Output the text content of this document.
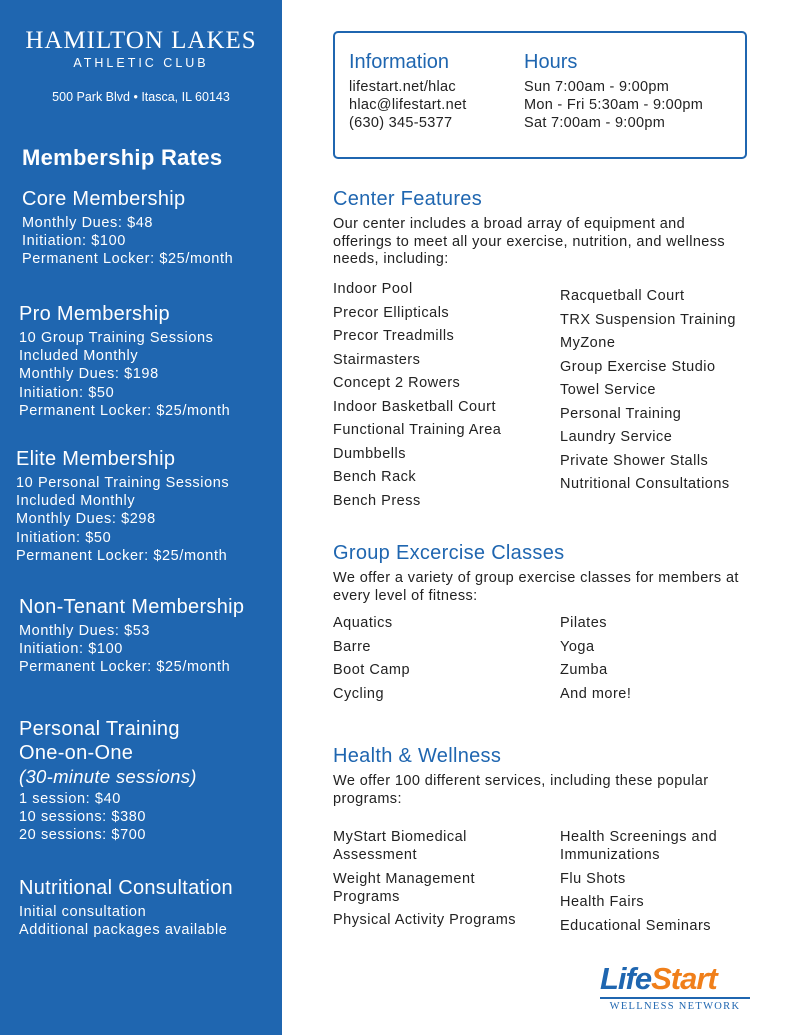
HAMILTON LAKES
ATHLETIC CLUB
500 Park Blvd • Itasca, IL 60143
Membership Rates
Core Membership
Monthly Dues: $48
Initiation: $100
Permanent Locker: $25/month
Pro Membership
10 Group Training Sessions
Included Monthly
Monthly Dues: $198
Initiation: $50
Permanent Locker: $25/month
Elite Membership
10 Personal Training Sessions
Included Monthly
Monthly Dues: $298
Initiation: $50
Permanent Locker: $25/month
Non-Tenant Membership
Monthly Dues: $53
Initiation: $100
Permanent Locker: $25/month
Personal Training
One-on-One
(30-minute sessions)
1 session: $40
10 sessions: $380
20 sessions: $700
Nutritional Consultation
Initial consultation
Additional packages available
Information
lifestart.net/hlac
hlac@lifestart.net
(630) 345-5377
Hours
Sun 7:00am - 9:00pm
Mon - Fri 5:30am - 9:00pm
Sat 7:00am - 9:00pm
Center Features
Our center includes a broad array of equipment and offerings to meet all your exercise, nutrition, and wellness needs, including:
Indoor Pool
Precor Ellipticals
Precor Treadmills
Stairmasters
Concept 2 Rowers
Indoor Basketball Court
Functional Training Area
Dumbbells
Bench Rack
Bench Press
Racquetball Court
TRX Suspension Training
MyZone
Group Exercise Studio
Towel Service
Personal Training
Laundry Service
Private Shower Stalls
Nutritional Consultations
Group Excercise Classes
We offer a variety of group exercise classes for members at every level of fitness:
Aquatics
Barre
Boot Camp
Cycling
Pilates
Yoga
Zumba
And more!
Health & Wellness
We offer 100 different services, including these popular programs:
MyStart Biomedical Assessment
Weight Management Programs
Physical Activity Programs
Health Screenings and Immunizations
Flu Shots
Health Fairs
Educational Seminars
LifeStart
WELLNESS NETWORK
